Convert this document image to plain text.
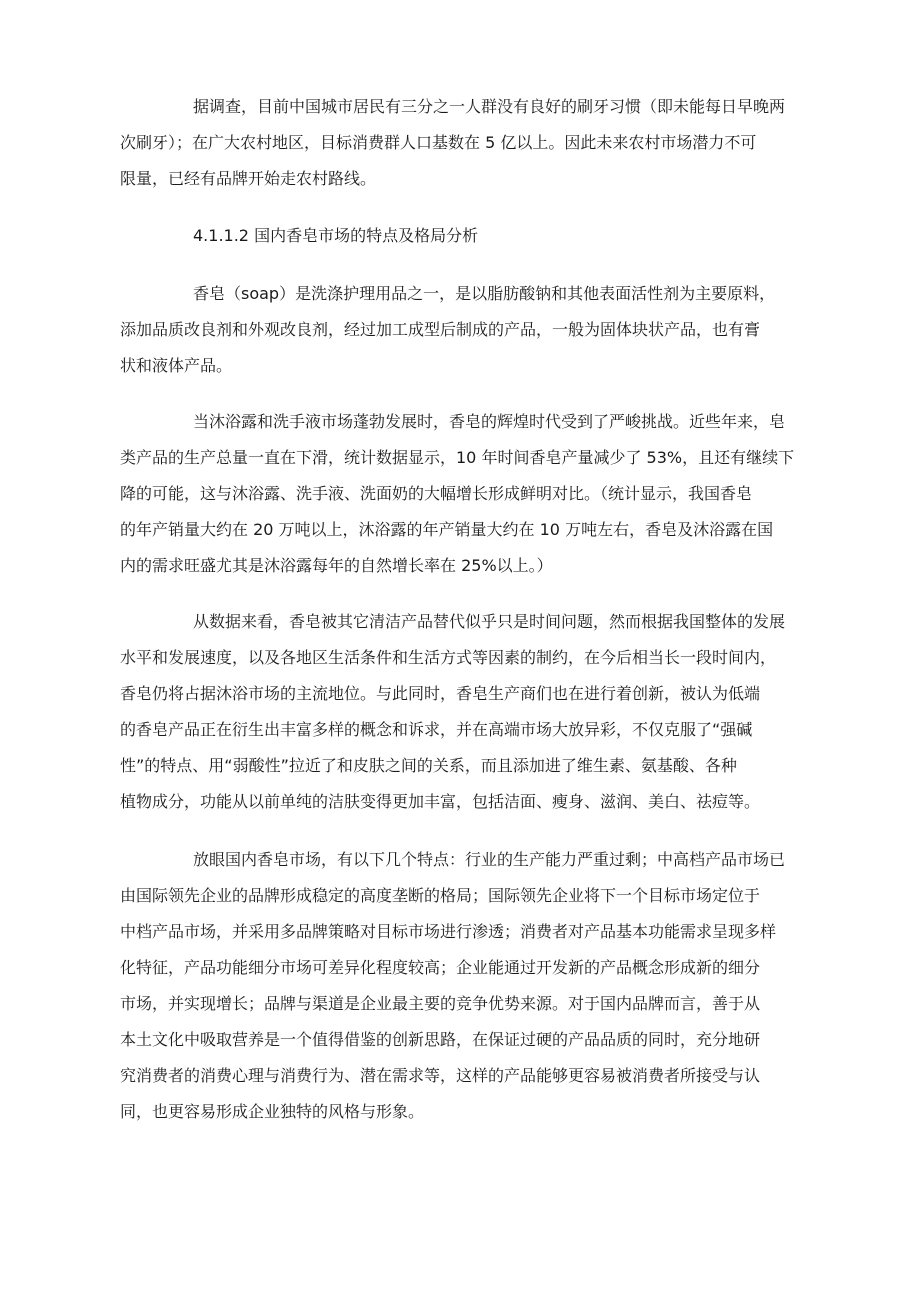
据调查，目前中国城市居民有三分之一人群没有良好的刷牙习惯（即未能每日早晚两
次刷牙）；在广大农村地区，目标消费群人口基数在 5 亿以上。因此未来农村市场潜力不可
限量，已经有品牌开始走农村路线。
4.1.1.2 国内香皂市场的特点及格局分析
香皂（soap）是洗涤护理用品之一，是以脂肪酸钠和其他表面活性剂为主要原料，
添加品质改良剂和外观改良剂，经过加工成型后制成的产品，一般为固体块状产品，也有膏
状和液体产品。
当沐浴露和洗手液市场蓬勃发展时，香皂的辉煌时代受到了严峻挑战。近些年来，皂
类产品的生产总量一直在下滑，统计数据显示，10 年时间香皂产量减少了 53%，且还有继续下
降的可能，这与沐浴露、洗手液、洗面奶的大幅增长形成鲜明对比。（统计显示，我国香皂
的年产销量大约在 20 万吨以上，沐浴露的年产销量大约在 10 万吨左右，香皂及沐浴露在国
内的需求旺盛尤其是沐浴露每年的自然增长率在 25%以上。）
从数据来看，香皂被其它清洁产品替代似乎只是时间问题，然而根据我国整体的发展
水平和发展速度，以及各地区生活条件和生活方式等因素的制约，在今后相当长一段时间内，
香皂仍将占据沐浴市场的主流地位。与此同时，香皂生产商们也在进行着创新，被认为低端
的香皂产品正在衍生出丰富多样的概念和诉求，并在高端市场大放异彩，不仅克服了“强碱
性”的特点、用“弱酸性”拉近了和皮肤之间的关系，而且添加进了维生素、氨基酸、各种
植物成分，功能从以前单纯的洁肤变得更加丰富，包括洁面、瘦身、滋润、美白、祛痘等。
放眼国内香皂市场，有以下几个特点：行业的生产能力严重过剩；中高档产品市场已
由国际领先企业的品牌形成稳定的高度垄断的格局；国际领先企业将下一个目标市场定位于
中档产品市场，并采用多品牌策略对目标市场进行渗透；消费者对产品基本功能需求呈现多样
化特征，产品功能细分市场可差异化程度较高；企业能通过开发新的产品概念形成新的细分
市场，并实现增长；品牌与渠道是企业最主要的竞争优势来源。对于国内品牌而言，善于从
本土文化中吸取营养是一个值得借鉴的创新思路，在保证过硬的产品品质的同时，充分地研
究消费者的消费心理与消费行为、潜在需求等，这样的产品能够更容易被消费者所接受与认
同，也更容易形成企业独特的风格与形象。
